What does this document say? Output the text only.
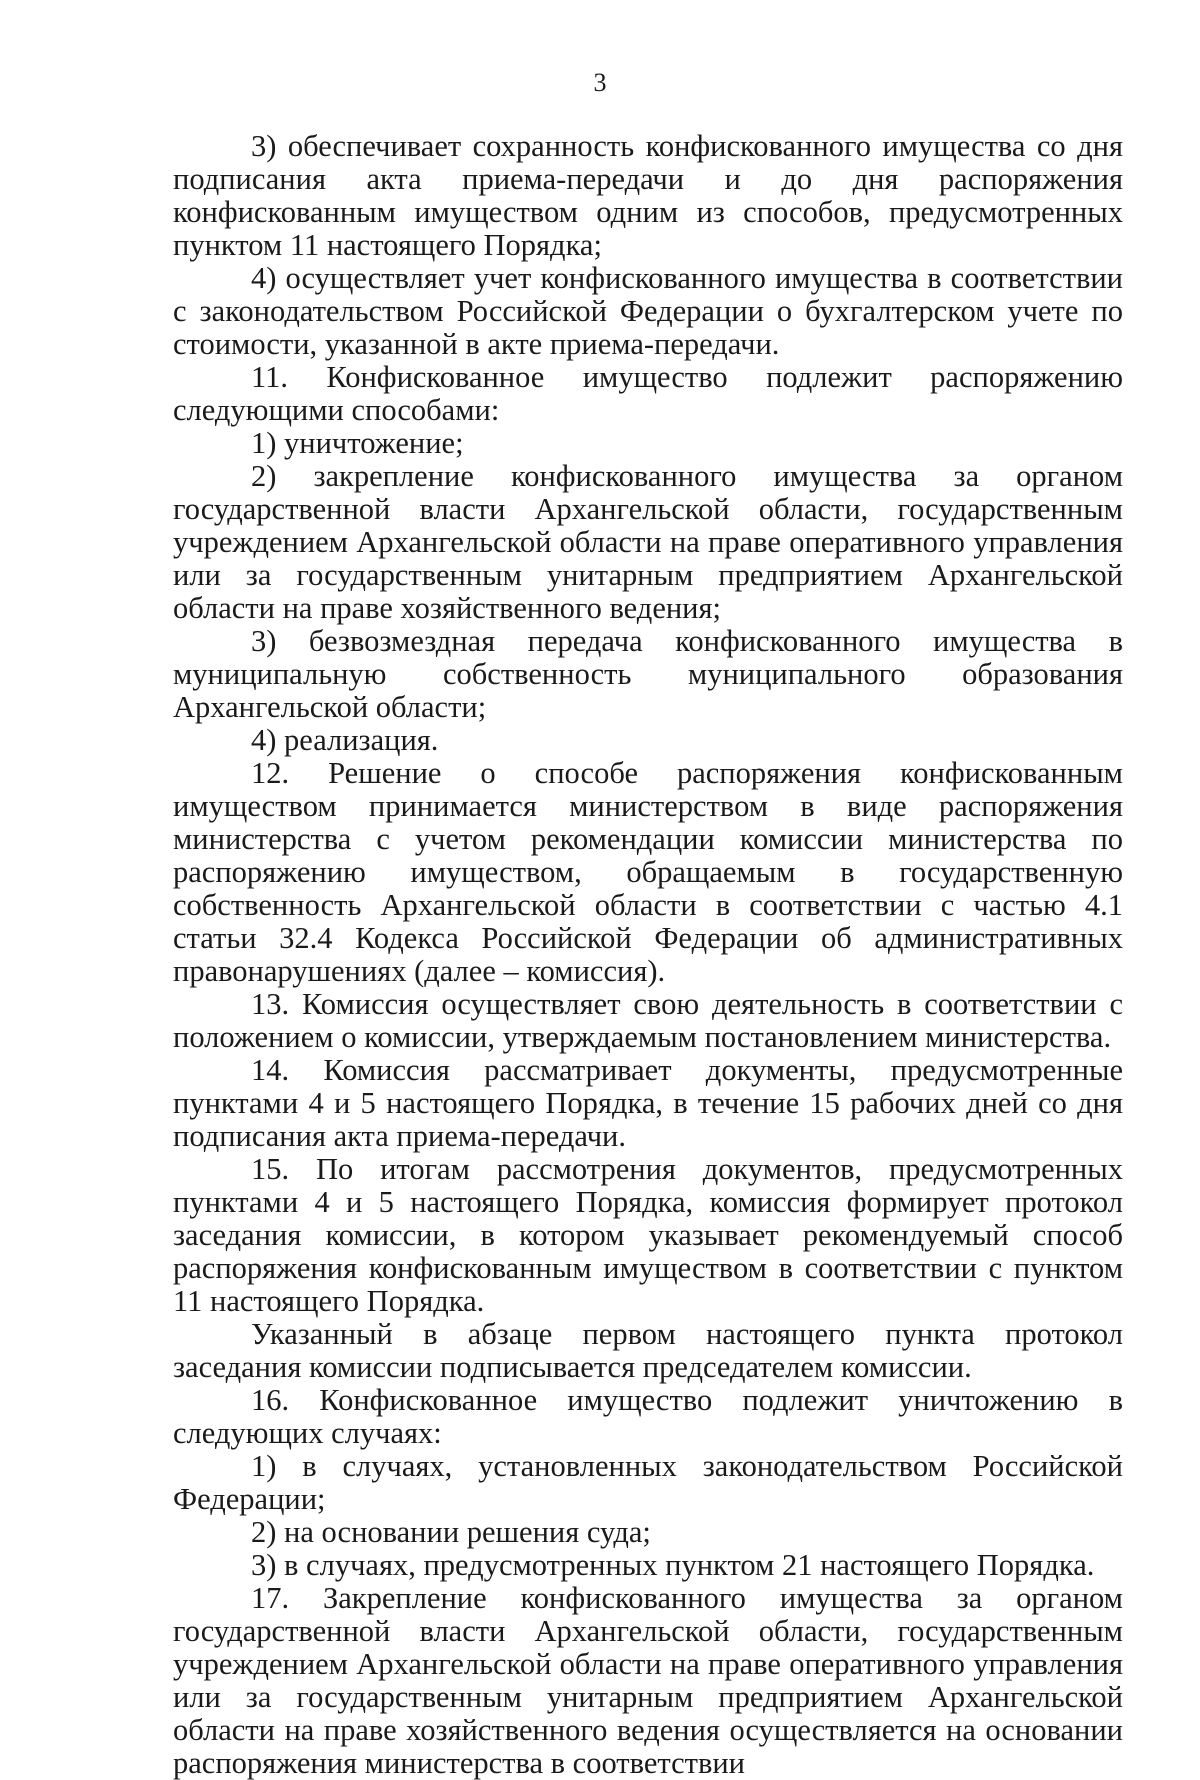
3

3) обеспечивает сохранность конфискованного имущества со дня подписания акта приема-передачи и до дня распоряжения конфискованным имуществом одним из способов, предусмотренных пунктом 11 настоящего Порядка;

4) осуществляет учет конфискованного имущества в соответствии с законодательством Российской Федерации о бухгалтерском учете по стоимости, указанной в акте приема-передачи.

11. Конфискованное имущество подлежит распоряжению следующими способами:

1) уничтожение;

2) закрепление конфискованного имущества за органом государственной власти Архангельской области, государственным учреждением Архангельской области на праве оперативного управления или за государственным унитарным предприятием Архангельской области на праве хозяйственного ведения;

3) безвозмездная передача конфискованного имущества в муниципальную собственность муниципального образования Архангельской области;

4) реализация.

12. Решение о способе распоряжения конфискованным имуществом принимается министерством в виде распоряжения министерства с учетом рекомендации комиссии министерства по распоряжению имуществом, обращаемым в государственную собственность Архангельской области в соответствии с частью 4.1 статьи 32.4 Кодекса Российской Федерации об административных правонарушениях (далее – комиссия).

13. Комиссия осуществляет свою деятельность в соответствии с положением о комиссии, утверждаемым постановлением министерства.

14. Комиссия рассматривает документы, предусмотренные пунктами 4 и 5 настоящего Порядка, в течение 15 рабочих дней со дня подписания акта приема-передачи.

15. По итогам рассмотрения документов, предусмотренных пунктами 4 и 5 настоящего Порядка, комиссия формирует протокол заседания комиссии, в котором указывает рекомендуемый способ распоряжения конфискованным имуществом в соответствии с пунктом 11 настоящего Порядка.

Указанный в абзаце первом настоящего пункта протокол заседания комиссии подписывается председателем комиссии.

16. Конфискованное имущество подлежит уничтожению в следующих случаях:

1) в случаях, установленных законодательством Российской Федерации;

2) на основании решения суда;

3) в случаях, предусмотренных пунктом 21 настоящего Порядка.

17. Закрепление конфискованного имущества за органом государственной власти Архангельской области, государственным учреждением Архангельской области на праве оперативного управления или за государственным унитарным предприятием Архангельской области на праве хозяйственного ведения осуществляется на основании распоряжения министерства в соответствии
